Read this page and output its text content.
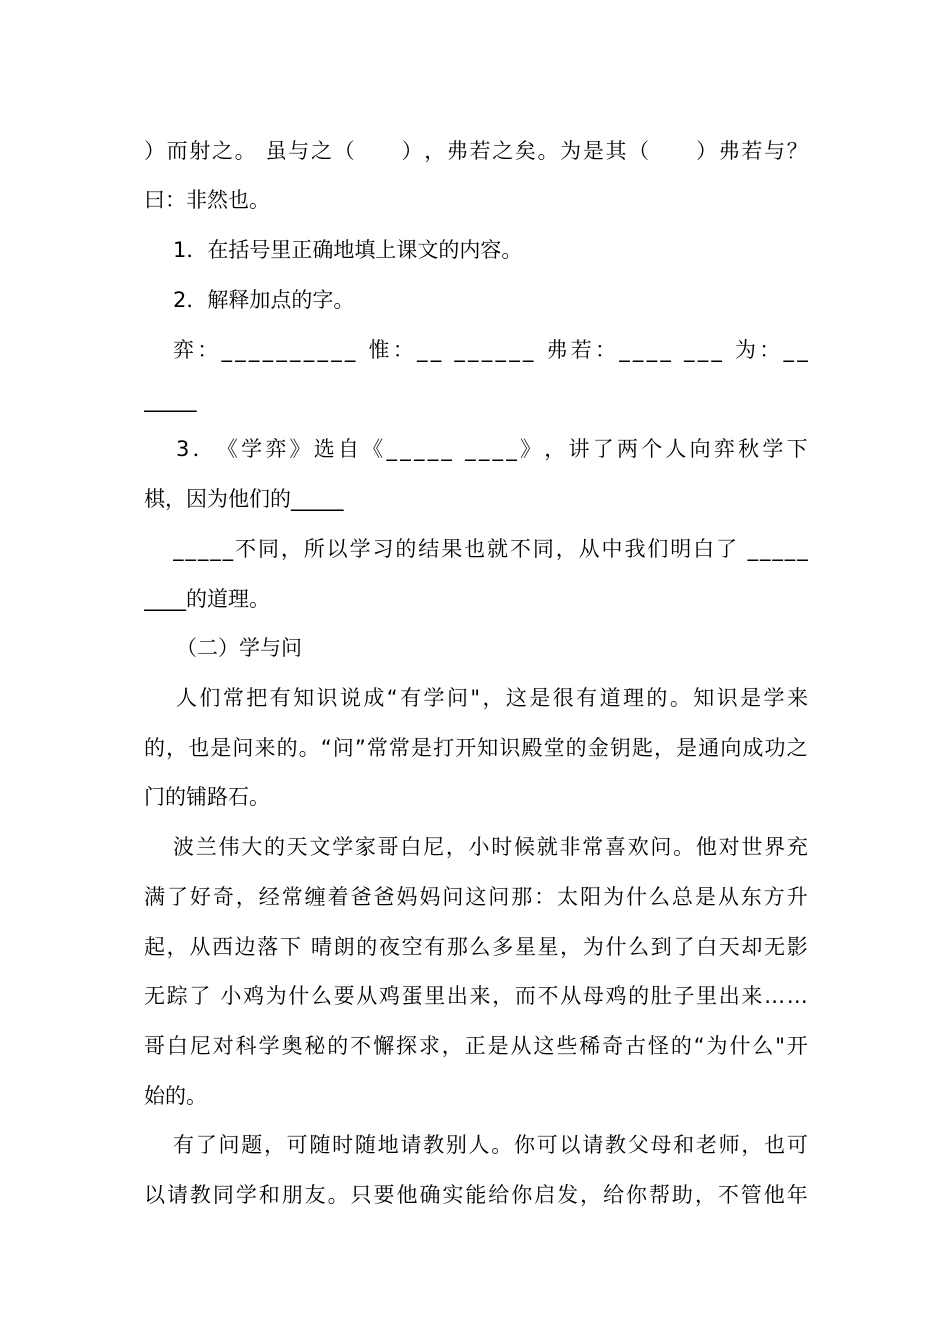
） 而 射 之 。
虽 与 之 （

　 ） ， 弗 若 之 矣 。 为 是 其 （

　 ） 弗 若 与 ？
曰：非然也。
1．在括号里正确地填上课文的内容。
2．解释加点的字。
弈 ： _ _ _ _ _ _ _ _ _ _
惟 ： _ _
_ _ _ _ _ _
弗 若 ： _ _ _ _
_ _ _
为 ： _ _
_____
3 ． 《 学 弈 》 选 自 《 _ _ _ _ _
_ _ _ _ 》 ， 讲 了 两 个 人 向 弈 秋 学 下
棋，因为他们的_____
_ _ _ _ _ 不 同 ， 所 以 学 习 的 结 果 也 就 不 同 ， 从 中 我 们 明 白 了
_ _ _ _ _
____的道理。
（二）学与问
人 们 常 把 有 知 识 说 成 “ 有 学 问 " ， 这 是 很 有 道 理 的 。 知 识 是 学 来
的 ， 也 是 问 来 的 。 “ 问 ” 常 常 是 打 开 知 识 殿 堂 的 金 钥 匙 ， 是 通 向 成 功 之
门的铺路石。
波 兰 伟 大 的 天 文 学 家 哥 白 尼 ， 小 时 候 就 非 常 喜 欢 问 。 他 对 世 界 充
满 了 好 奇 ， 经 常 缠 着 爸 爸 妈 妈 问 这 问 那 ： 太 阳 为 什 么 总 是 从 东 方 升
起 ， 从 西 边 落 下
晴 朗 的 夜 空 有 那 么 多 星 星 ， 为 什 么 到 了 白 天 却 无 影
无 踪 了
小 鸡 为 什 么 要 从 鸡 蛋 里 出 来 ， 而 不 从 母 鸡 的 肚 子 里 出 来 … …
哥 白 尼 对 科 学 奥 秘 的 不 懈 探 求 ， 正 是 从 这 些 稀 奇 古 怪 的 “ 为 什 么 " 开
始的。
有 了 问 题 ， 可 随 时 随 地 请 教 别 人 。 你 可 以 请 教 父 母 和 老 师 ， 也 可
以 请 教 同 学 和 朋 友 。 只 要 他 确 实 能 给 你 启 发 ， 给 你 帮 助 ， 不 管 他 年
